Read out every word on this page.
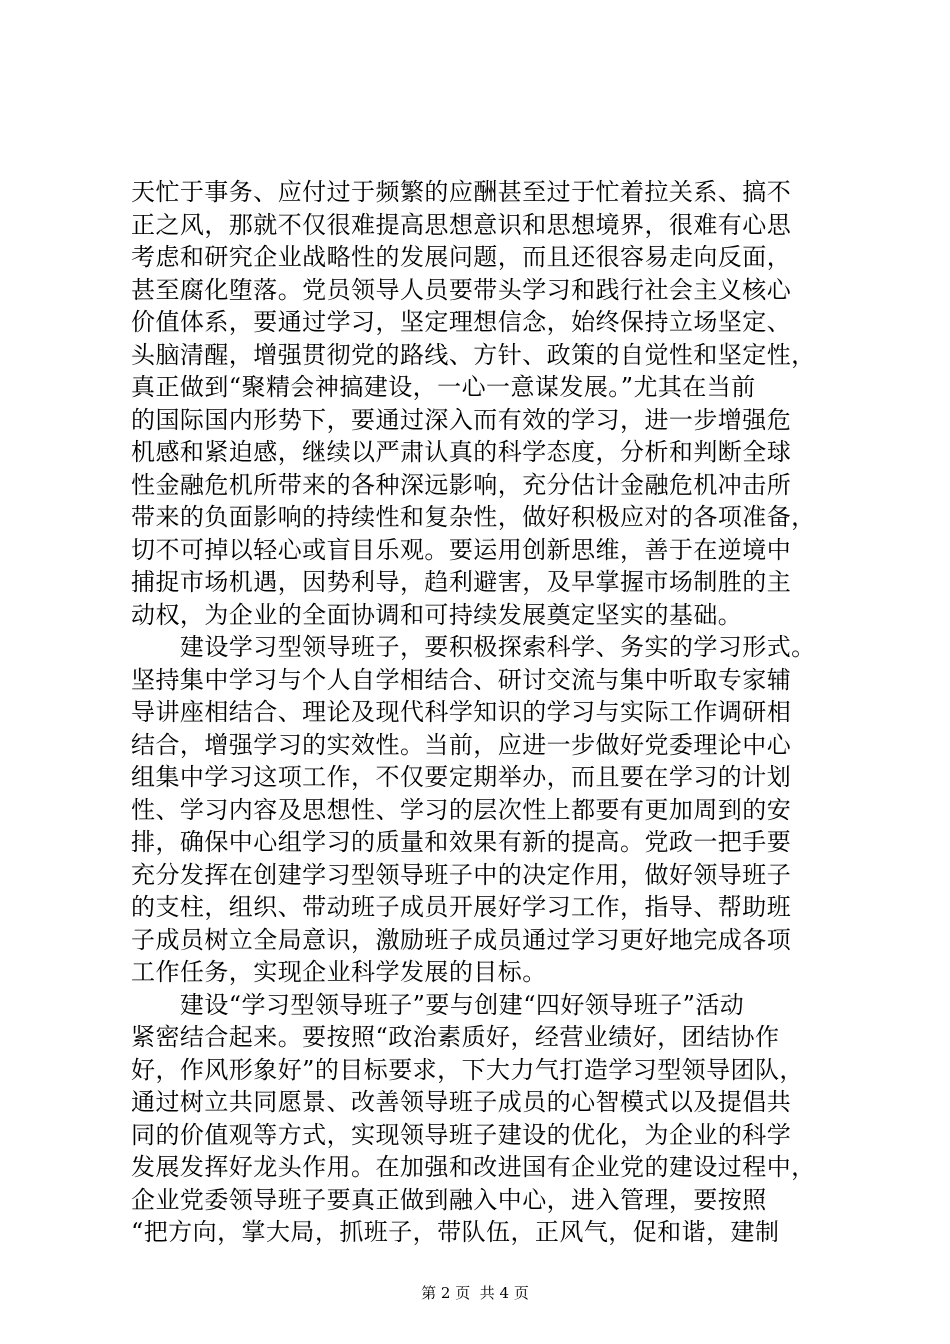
天忙于事务、应付过于频繁的应酬甚至过于忙着拉关系、搞不
正之风，那就不仅很难提高思想意识和思想境界，很难有心思
考虑和研究企业战略性的发展问题，而且还很容易走向反面，
甚至腐化堕落。党员领导人员要带头学习和践行社会主义核心
价值体系，要通过学习，坚定理想信念，始终保持立场坚定、
头脑清醒，增强贯彻党的路线、方针、政策的自觉性和坚定性，
真正做到“聚精会神搞建设，一心一意谋发展。”尤其在当前
的国际国内形势下，要通过深入而有效的学习，进一步增强危
机感和紧迫感，继续以严肃认真的科学态度，分析和判断全球
性金融危机所带来的各种深远影响，充分估计金融危机冲击所
带来的负面影响的持续性和复杂性，做好积极应对的各项准备，
切不可掉以轻心或盲目乐观。要运用创新思维，善于在逆境中
捕捉市场机遇，因势利导，趋利避害，及早掌握市场制胜的主
动权，为企业的全面协调和可持续发展奠定坚实的基础。
　　建设学习型领导班子，要积极探索科学、务实的学习形式。
坚持集中学习与个人自学相结合、研讨交流与集中听取专家辅
导讲座相结合、理论及现代科学知识的学习与实际工作调研相
结合，增强学习的实效性。当前，应进一步做好党委理论中心
组集中学习这项工作，不仅要定期举办，而且要在学习的计划
性、学习内容及思想性、学习的层次性上都要有更加周到的安
排，确保中心组学习的质量和效果有新的提高。党政一把手要
充分发挥在创建学习型领导班子中的决定作用，做好领导班子
的支柱，组织、带动班子成员开展好学习工作，指导、帮助班
子成员树立全局意识，激励班子成员通过学习更好地完成各项
工作任务，实现企业科学发展的目标。
　　建设“学习型领导班子”要与创建“四好领导班子”活动
紧密结合起来。要按照“政治素质好，经营业绩好，团结协作
好，作风形象好”的目标要求，下大力气打造学习型领导团队，
通过树立共同愿景、改善领导班子成员的心智模式以及提倡共
同的价值观等方式，实现领导班子建设的优化，为企业的科学
发展发挥好龙头作用。在加强和改进国有企业党的建设过程中，
企业党委领导班子要真正做到融入中心，进入管理，要按照
“把方向，掌大局，抓班子，带队伍，正风气，促和谐，建制
第 2 页  共 4 页
